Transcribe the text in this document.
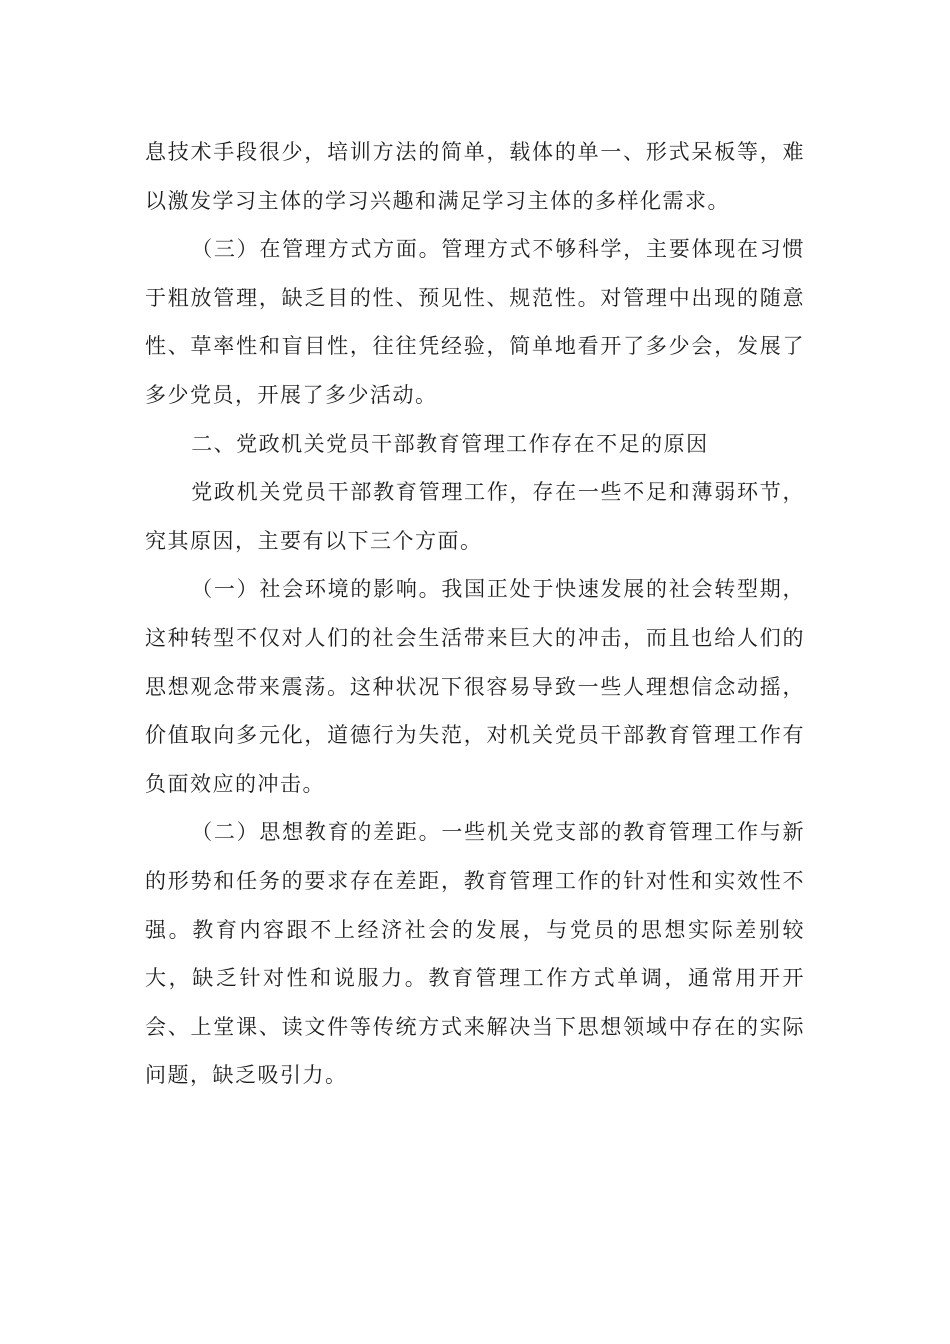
息技术手段很少，培训方法的简单，载体的单一、形式呆板等，难以激发学习主体的学习兴趣和满足学习主体的多样化需求。

（三）在管理方式方面。管理方式不够科学，主要体现在习惯于粗放管理，缺乏目的性、预见性、规范性。对管理中出现的随意性、草率性和盲目性，往往凭经验，简单地看开了多少会，发展了多少党员，开展了多少活动。

二、党政机关党员干部教育管理工作存在不足的原因

党政机关党员干部教育管理工作，存在一些不足和薄弱环节，究其原因，主要有以下三个方面。

（一）社会环境的影响。我国正处于快速发展的社会转型期，这种转型不仅对人们的社会生活带来巨大的冲击，而且也给人们的思想观念带来震荡。这种状况下很容易导致一些人理想信念动摇，价值取向多元化，道德行为失范，对机关党员干部教育管理工作有负面效应的冲击。

（二）思想教育的差距。一些机关党支部的教育管理工作与新的形势和任务的要求存在差距，教育管理工作的针对性和实效性不强。教育内容跟不上经济社会的发展，与党员的思想实际差别较大，缺乏针对性和说服力。教育管理工作方式单调，通常用开开会、上堂课、读文件等传统方式来解决当下思想领域中存在的实际问题，缺乏吸引力。
